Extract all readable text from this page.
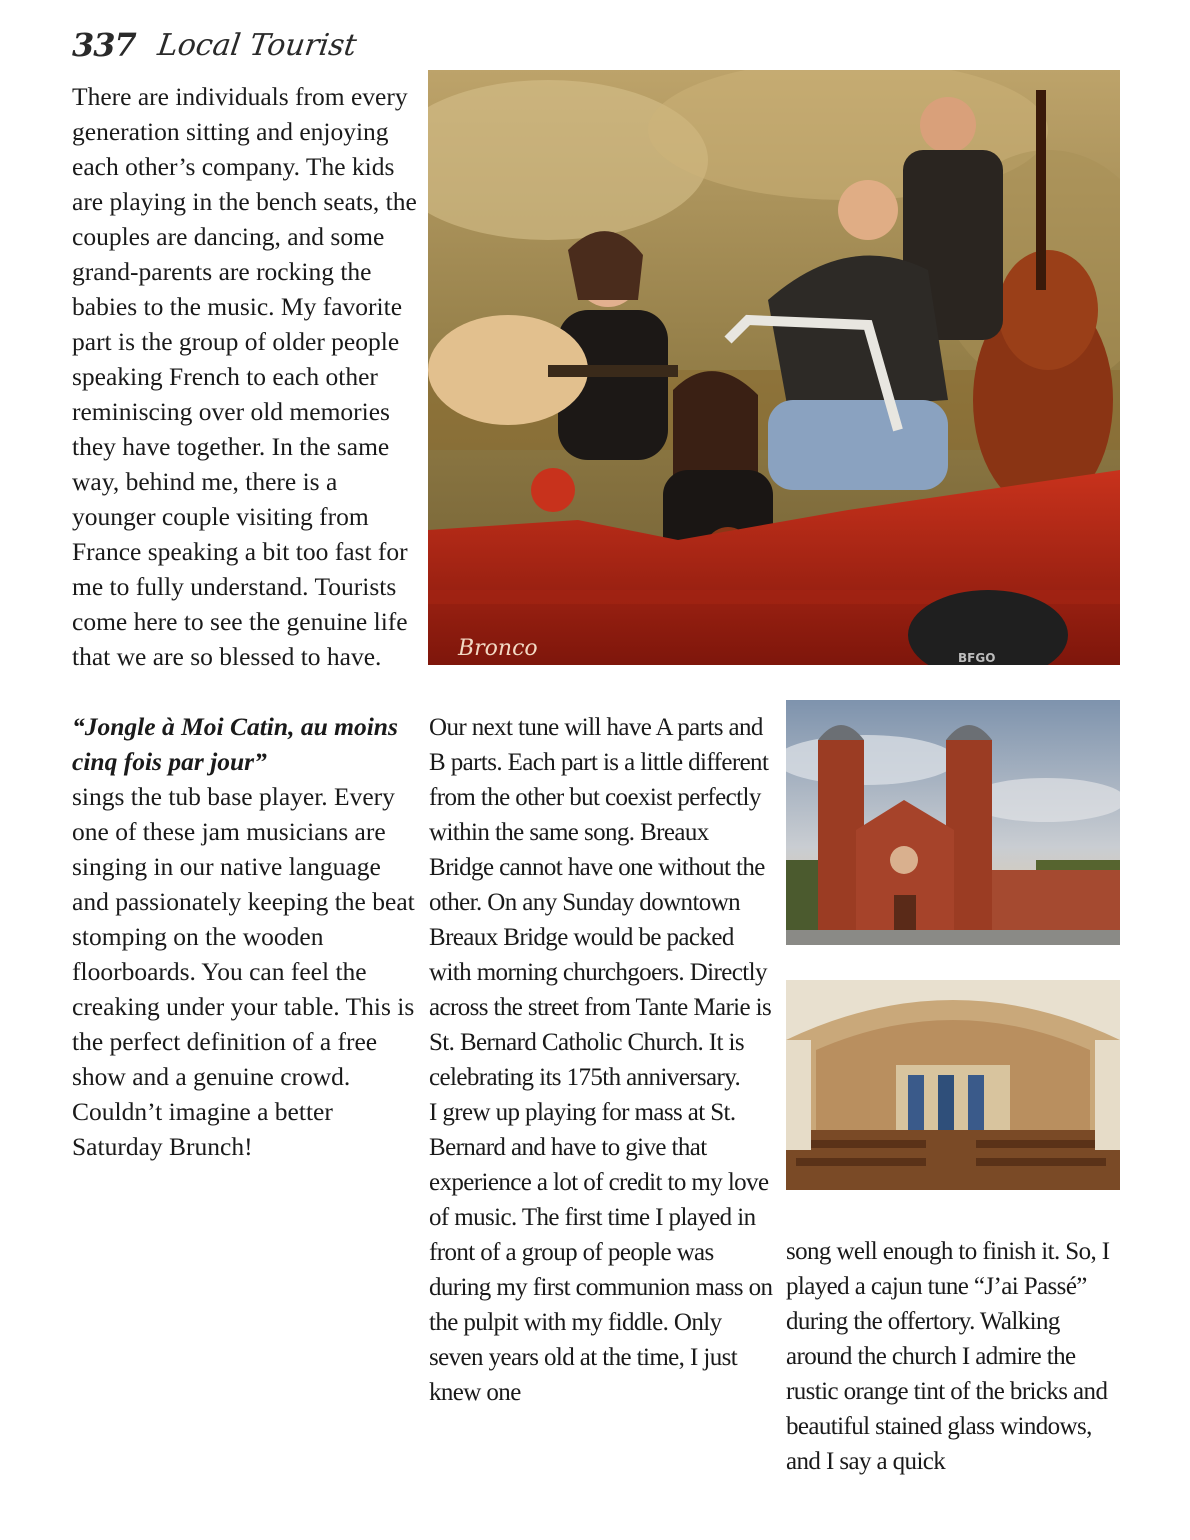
337 Local Tourist

There are individuals from every generation sitting and enjoying each other’s company. The kids are playing in the bench seats, the couples are dancing, and some grand-parents are rocking the babies to the music. My favorite part is the group of older people speaking French to each other reminiscing over old memories they have together. In the same way, behind me, there is a younger couple visiting from France speaking a bit too fast for me to fully understand. Tourists come here to see the genuine life that we are so blessed to have.

“Jongle à Moi Catin, au moins cinq fois par jour”

sings the tub base player. Every one of these jam musicians are singing in our native language and passionately keeping the beat stomping on the wooden floorboards. You can feel the creaking under your table. This is the perfect definition of a free show and a genuine crowd. Couldn’t imagine a better Saturday Brunch!

Bronco	BFGO

Our next tune will have A parts and B parts. Each part is a little different from the other but coexist perfectly within the same song. Breaux Bridge cannot have one without the other. On any Sunday downtown Breaux Bridge would be packed with morning churchgoers. Directly across the street from Tante Marie is St. Bernard Catholic Church. It is celebrating its 175th anniversary.

I grew up playing for mass at St. Bernard and have to give that experience a lot of credit to my love of music. The first time I played in front of a group of people was during my first communion mass on the pulpit with my fiddle. Only seven years old at the time, I just knew one

song well enough to finish it. So, I played a cajun tune “J’ai Passé” during the offertory. Walking around the church I admire the rustic orange tint of the bricks and beautiful stained glass windows, and I say a quick
